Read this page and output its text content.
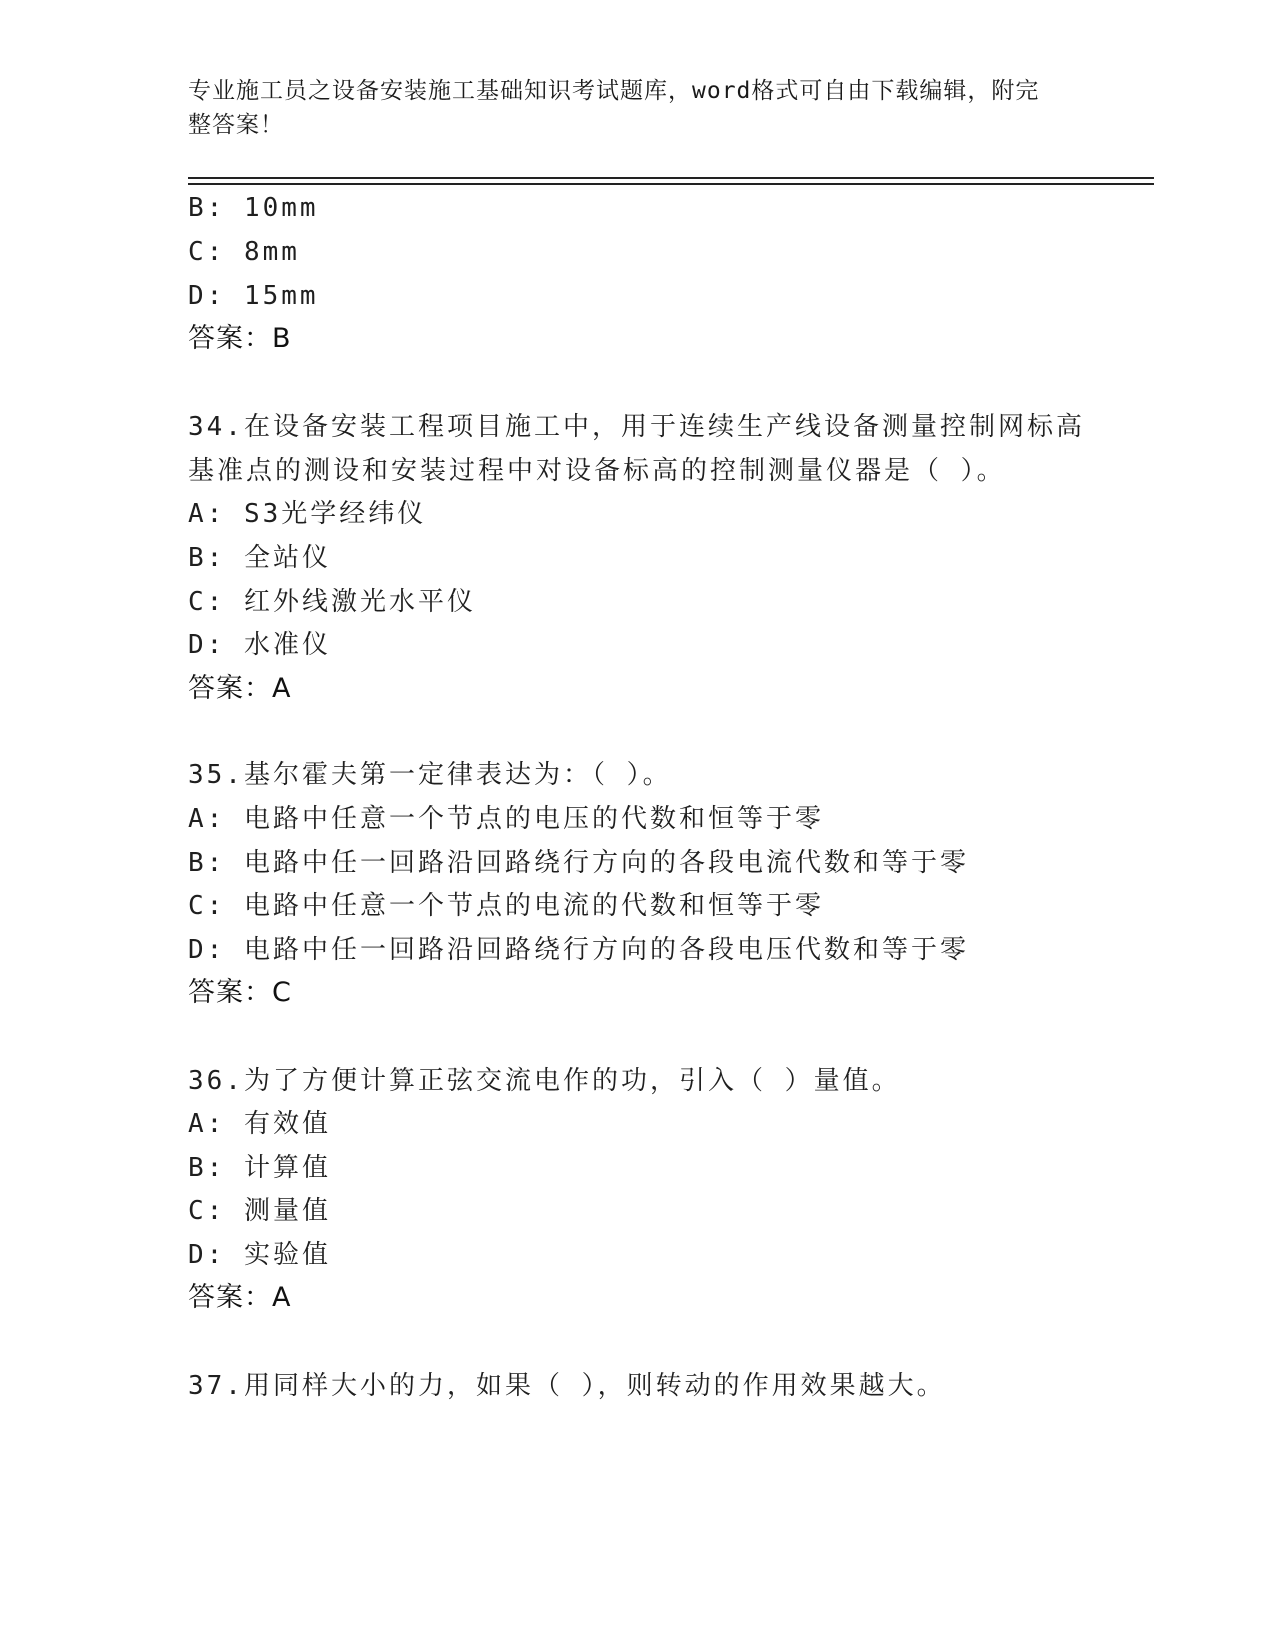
专业施工员之设备安装施工基础知识考试题库，word格式可自由下载编辑，附完
整答案！
B: 10mm
C: 8mm
D: 15mm
答案：B
34.在设备安装工程项目施工中，用于连续生产线设备测量控制网标高
基准点的测设和安装过程中对设备标高的控制测量仪器是（ ）。
A: S3光学经纬仪
B: 全站仪
C: 红外线激光水平仪
D: 水准仪
答案：A
35.基尔霍夫第一定律表达为：（ ）。
A: 电路中任意一个节点的电压的代数和恒等于零
B: 电路中任一回路沿回路绕行方向的各段电流代数和等于零
C: 电路中任意一个节点的电流的代数和恒等于零
D: 电路中任一回路沿回路绕行方向的各段电压代数和等于零
答案：C
36.为了方便计算正弦交流电作的功，引入（ ）量值。
A: 有效值
B: 计算值
C: 测量值
D: 实验值
答案：A
37.用同样大小的力，如果（ ），则转动的作用效果越大。
